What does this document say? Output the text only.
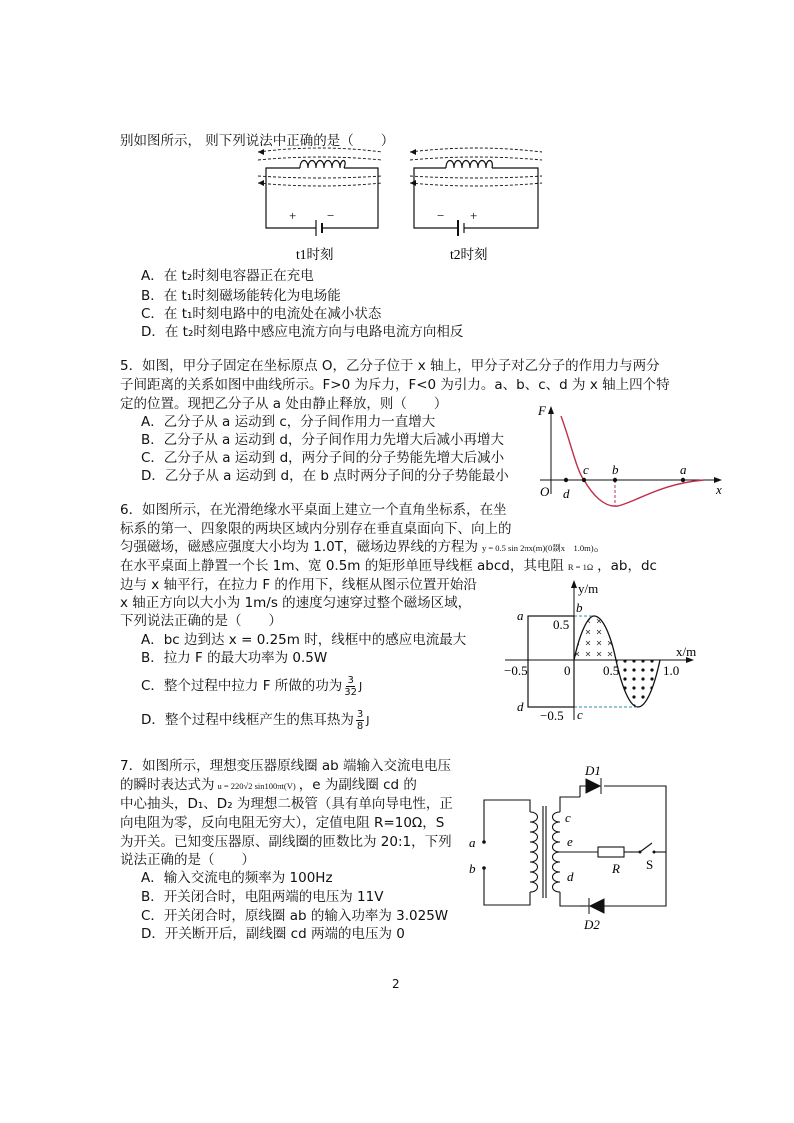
别如图所示， 则下列说法中正确的是（　　）
+ −	− +
t1时刻	t2时刻
A．在 t₂时刻电容器正在充电
B．在 t₁时刻磁场能转化为电场能
C．在 t₁时刻电路中的电流处在减小状态
D．在 t₂时刻电路中感应电流方向与电路电流方向相反
5．如图，甲分子固定在坐标原点 O，乙分子位于 x 轴上，甲分子对乙分子的作用力与两分
子间距离的关系如图中曲线所示。F>0 为斥力，F<0 为引力。a、b、c、d 为 x 轴上四个特
定的位置。现把乙分子从 a 处由静止释放，则（　　）
A．乙分子从 a 运动到 c，分子间作用力一直增大
B．乙分子从 a 运动到 d，分子间作用力先增大后减小再增大
C．乙分子从 a 运动到 d，两分子间的分子势能先增大后减小
D．乙分子从 a 运动到 d，在 b 点时两分子间的分子势能最小
F
x
O d
c b	a
6．如图所示，在光滑绝缘水平桌面上建立一个直角坐标系，在坐
标系的第一、四象限的两块区域内分别存在垂直桌面向下、向上的
匀强磁场，磁感应强度大小均为 1.0T，磁场边界线的方程为 y = 0.5 sin 2πx(m)(0剟x　1.0m)。
在水平桌面上静置一个长 1m、宽 0.5m 的矩形单匝导线框 abcd，其电阻 R = 1Ω ，ab，dc
边与 x 轴平行，在拉力 F 的作用下，线框从图示位置开始沿
x 轴正方向以大小为 1m/s 的速度匀速穿过整个磁场区域，
下列说法正确的是（　　）
A．bc 边到达 x = 0.25m 时，线框中的感应电流最大
B．拉力 F 的最大功率为 0.5W
C．整个过程中拉力 F 所做的功为 $\frac{3}{32}$ J
D．整个过程中线框产生的焦耳热为 $\frac{3}{8}$ J
a
b
d
c
y/m
x/m
0.5
−0.5	0	0.5	1.0
−0.5
7．如图所示，理想变压器原线圈 ab 端输入交流电电压
的瞬时表达式为 u = 220√2 sin100πt(V) ，e 为副线圈 cd 的
中心抽头，D₁、D₂ 为理想二极管（具有单向导电性，正
向电阻为零，反向电阻无穷大），定值电阻 R=10Ω，S
为开关。已知变压器原、副线圈的匝数比为 20:1，下列
说法正确的是（　　）
A．输入交流电的频率为 100Hz
B．开关闭合时，电阻两端的电压为 11V
C．开关闭合时，原线圈 ab 的输入功率为 3.025W
D．开关断开后，副线圈 cd 两端的电压为 0
a
b
c
d
e
R S
D1
D2
2
